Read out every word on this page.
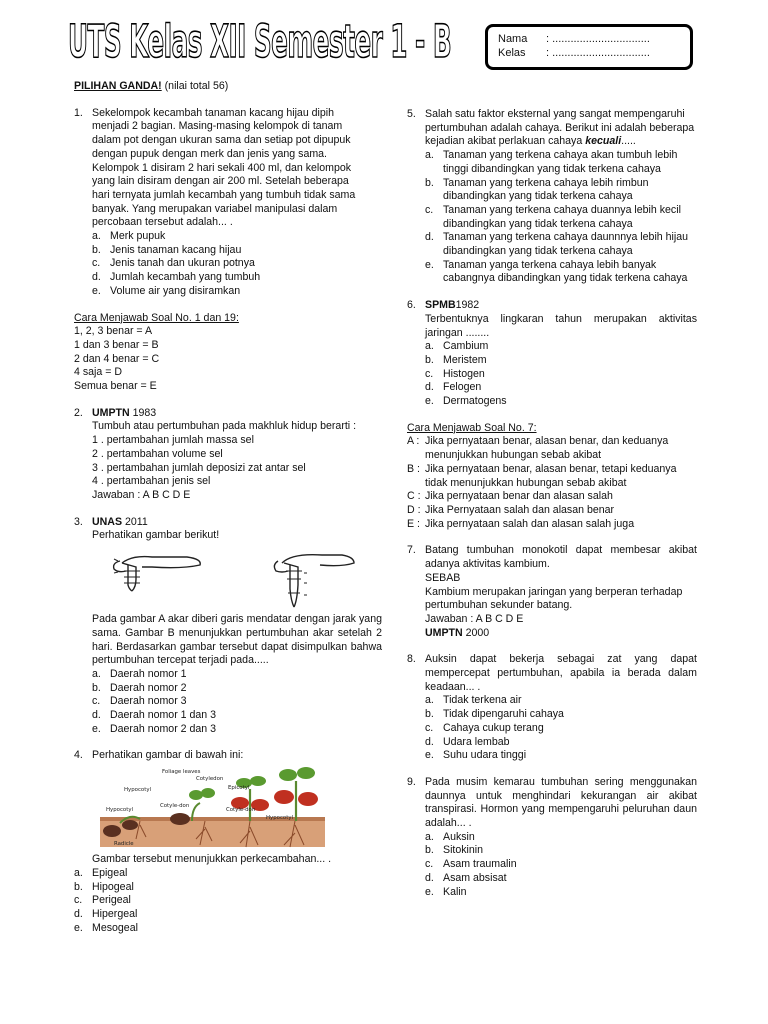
UTS Kelas XII Semester 1 - B	Nama	: ................................
Kelas	: ................................
PILIHAN GANDA! (nilai total 56)
1. Sekelompok kecambah tanaman kacang hijau dipih menjadi 2 bagian. Masing-masing kelompok di tanam dalam pot dengan ukuran sama dan setiap pot dipupuk dengan pupuk dengan merk dan jenis yang sama. Kelompok 1 disiram 2 hari sekali 400 ml, dan kelompok yang lain disiram dengan air 200 ml. Setelah beberapa hari ternyata jumlah kecambah yang tumbuh tidak sama banyak. Yang merupakan variabel manipulasi dalam percobaan tersebut adalah... .
a. Merk pupuk
b. Jenis tanaman kacang hijau
c. Jenis tanah dan ukuran potnya
d. Jumlah kecambah yang tumbuh
e. Volume air yang disiramkan
Cara Menjawab Soal No. 1 dan 19:
1, 2, 3 benar = A
1 dan 3 benar = B
2 dan 4 benar = C
4 saja = D
Semua benar = E
2. UMPTN 1983
Tumbuh atau pertumbuhan pada makhluk hidup berarti :
1 . pertambahan jumlah massa sel
2 . pertambahan volume sel
3 . pertambahan jumlah deposizi zat antar sel
4 . pertambahan jenis sel
Jawaban : A B C D E
3. UNAS 2011
Perhatikan gambar berikut!
Pada gambar A akar diberi garis mendatar dengan jarak yang sama. Gambar B menunjukkan pertumbuhan akar setelah 2 hari. Berdasarkan gambar tersebut dapat disimpulkan bahwa pertumbuhan tercepat terjadi pada.....
a. Daerah nomor 1
b. Daerah nomor 2
c. Daerah nomor 3
d. Daerah nomor 1 dan 3
e. Daerah nomor 2 dan 3
4. Perhatikan gambar di bawah ini:
Foliage leaves
Cotyledon
Epicotyl
Hypocotyl
Cotyle-don
Hypocotyl	Cotyle-don
Hypocotyl
Radicle
Gambar tersebut menunjukkan perkecambahan... .
a. Epigeal
b. Hipogeal
c. Perigeal
d. Hipergeal
e. Mesogeal
5. Salah satu faktor eksternal yang sangat mempengaruhi pertumbuhan adalah cahaya. Berikut ini adalah beberapa kejadian akibat perlakuan cahaya kecuali.....
a. Tanaman yang terkena cahaya akan tumbuh lebih tinggi dibandingkan yang tidak terkena cahaya
b. Tanaman yang terkena cahaya lebih rimbun dibandingkan yang tidak terkena cahaya
c. Tanaman yang terkena cahaya duannya lebih kecil dibandingkan yang tidak terkena cahaya
d. Tanaman yang terkena cahaya daunnnya lebih hijau dibandingkan yang tidak terkena cahaya
e. Tanaman yanga terkena cahaya lebih banyak cabangnya dibandingkan yang tidak terkena cahaya
6. SPMB1982
Terbentuknya lingkaran tahun merupakan aktivitas jaringan ........
a. Cambium
b. Meristem
c. Histogen
d. Felogen
e. Dermatogens
Cara Menjawab Soal No. 7:
A : Jika pernyataan benar, alasan benar, dan keduanya menunjukkan hubungan sebab akibat
B : Jika pernyataan benar, alasan benar, tetapi keduanya tidak menunjukkan hubungan sebab akibat
C : Jika pernyataan benar dan alasan salah
D : Jika Pernyataan salah dan alasan benar
E : Jika pernyataan salah dan alasan salah juga
7. Batang tumbuhan monokotil dapat membesar akibat adanya aktivitas kambium.
SEBAB
Kambium merupakan jaringan yang berperan terhadap pertumbuhan sekunder batang.
Jawaban : A B C D E
UMPTN 2000
8. Auksin dapat bekerja sebagai zat yang dapat mempercepat pertumbuhan, apabila ia berada dalam keadaan... .
a. Tidak terkena air
b. Tidak dipengaruhi cahaya
c. Cahaya cukup terang
d. Udara lembab
e. Suhu udara tinggi
9. Pada musim kemarau tumbuhan sering menggunakan daunnya untuk menghindari kekurangan air akibat transpirasi. Hormon yang mempengaruhi peluruhan daun adalah... .
a. Auksin
b. Sitokinin
c. Asam traumalin
d. Asam absisat
e. Kalin
